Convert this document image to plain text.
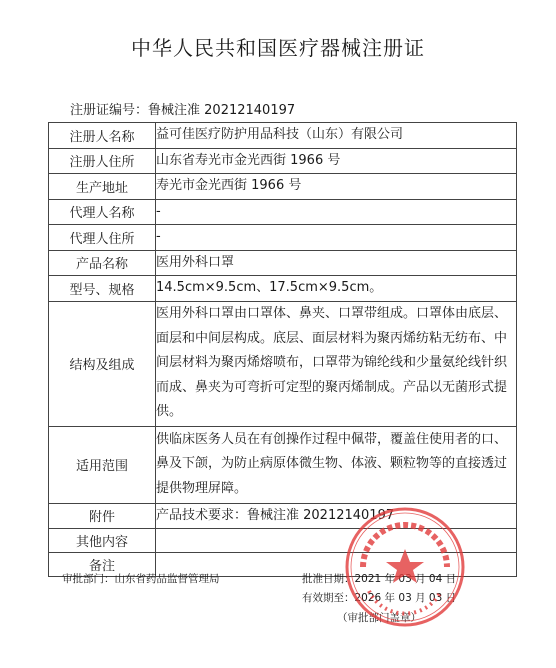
中华人民共和国医疗器械注册证
注册证编号：鲁械注准 20212140197
注册人名称	益可佳医疗防护用品科技（山东）有限公司
注册人住所	山东省寿光市金光西街 1966 号
生产地址	寿光市金光西街 1966 号
代理人名称	-
代理人住所	-
产品名称	医用外科口罩
型号、规格	14.5cm×9.5cm、17.5cm×9.5cm。
结构及组成	医用外科口罩由口罩体、鼻夹、口罩带组成。口罩体由底层、面层和中间层构成。底层、面层材料为聚丙烯纺粘无纺布、中间层材料为聚丙烯熔喷布，口罩带为锦纶线和少量氨纶线针织而成、鼻夹为可弯折可定型的聚丙烯制成。产品以无菌形式提供。
适用范围	供临床医务人员在有创操作过程中佩带，覆盖住使用者的口、鼻及下颌，为防止病原体微生物、体液、颗粒物等的直接透过提供物理屏障。
附件	产品技术要求：鲁械注准 20212140197
其他内容	
备注	
审批部门：山东省药品监督管理局	批准日期：2021 年 03 月 04 日
有效期至：2026 年 03 月 03 日
（审批部门盖章）
